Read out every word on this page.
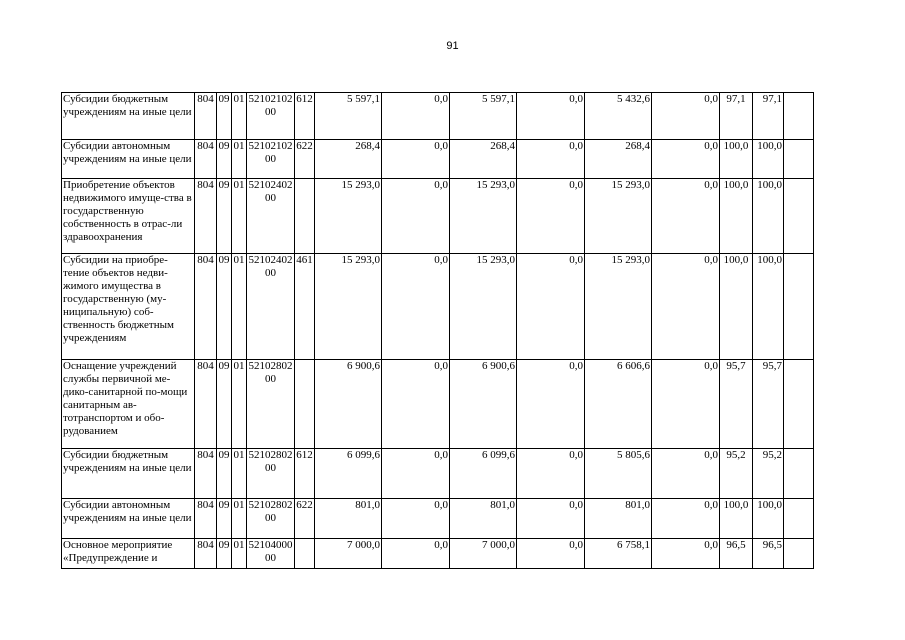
91
Субсидии бюджетным учреждениям на иные цели	804	09	01	5210210200	612	5 597,1	0,0	5 597,1	0,0	5 432,6	0,0	97,1	97,1	
Субсидии автономным учреждениям на иные цели	804	09	01	5210210200	622	268,4	0,0	268,4	0,0	268,4	0,0	100,0	100,0	
Приобретение объектов недвижимого имуще-ства в государственную собственность в отрас-ли здравоохранения	804	09	01	5210240200		15 293,0	0,0	15 293,0	0,0	15 293,0	0,0	100,0	100,0	
Субсидии на приобре-тение объектов недви-жимого имущества в государственную (му-ниципальную) соб-ственность бюджетным учреждениям	804	09	01	5210240200	461	15 293,0	0,0	15 293,0	0,0	15 293,0	0,0	100,0	100,0	
Оснащение учреждений службы первичной ме-дико-санитарной по-мощи санитарным ав-тотранспортом и обо-рудованием	804	09	01	5210280200		6 900,6	0,0	6 900,6	0,0	6 606,6	0,0	95,7	95,7	
Субсидии бюджетным учреждениям на иные цели	804	09	01	5210280200	612	6 099,6	0,0	6 099,6	0,0	5 805,6	0,0	95,2	95,2	
Субсидии автономным учреждениям на иные цели	804	09	01	5210280200	622	801,0	0,0	801,0	0,0	801,0	0,0	100,0	100,0	
Основное мероприятие «Предупреждение и	804	09	01	5210400000		7 000,0	0,0	7 000,0	0,0	6 758,1	0,0	96,5	96,5	
